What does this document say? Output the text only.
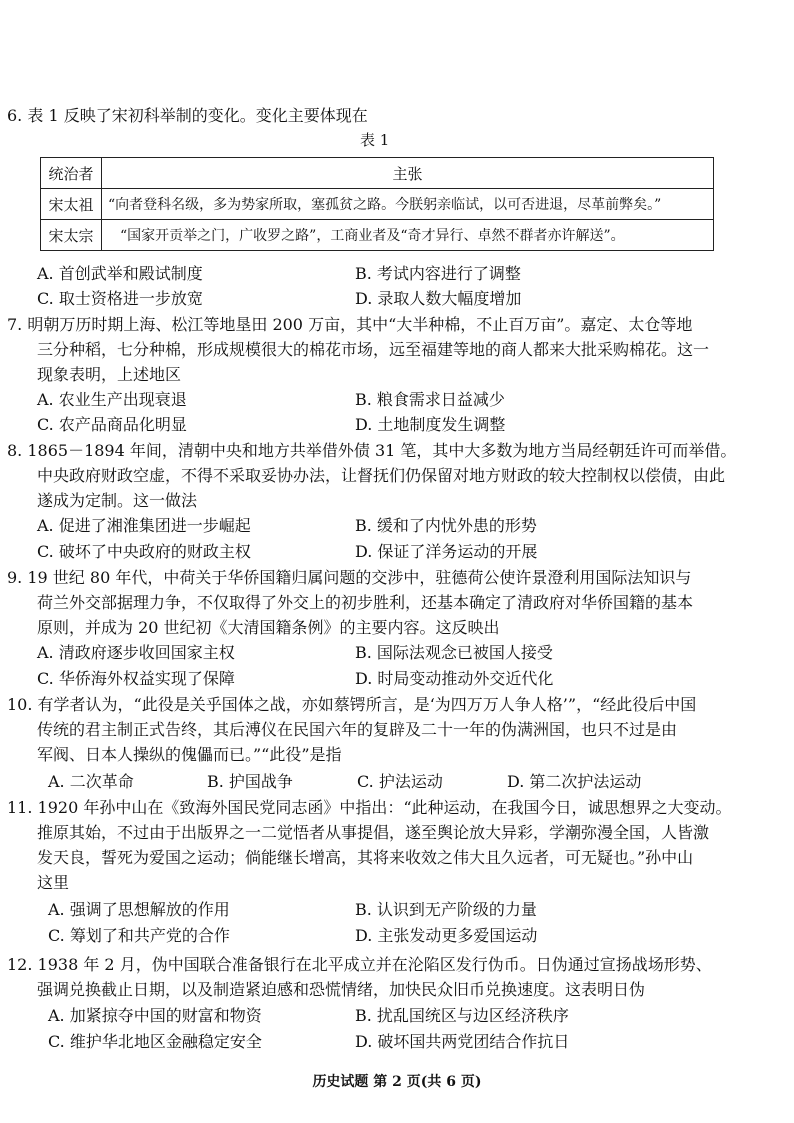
6. 表 1 反映了宋初科举制的变化。变化主要体现在
表 1
统治者	主张
宋太祖	“向者登科名级，多为势家所取，塞孤贫之路。今朕躬亲临试，以可否进退，尽革前弊矣。”
宋太宗	“国家开贡举之门，广收罗之路”，工商业者及“奇才异行、卓然不群者亦许解送”。
A. 首创武举和殿试制度	B. 考试内容进行了调整
C. 取士资格进一步放宽	D. 录取人数大幅度增加
7. 明朝万历时期上海、松江等地垦田 200 万亩，其中“大半种棉，不止百万亩”。嘉定、太仓等地
三分种稻，七分种棉，形成规模很大的棉花市场，远至福建等地的商人都来大批采购棉花。这一
现象表明，上述地区
A. 农业生产出现衰退	B. 粮食需求日益减少
C. 农产品商品化明显	D. 土地制度发生调整
8. 1865－1894 年间，清朝中央和地方共举借外债 31 笔，其中大多数为地方当局经朝廷许可而举借。
中央政府财政空虚，不得不采取妥协办法，让督抚们仍保留对地方财政的较大控制权以偿债，由此
遂成为定制。这一做法
A. 促进了湘淮集团进一步崛起	B. 缓和了内忧外患的形势
C. 破坏了中央政府的财政主权	D. 保证了洋务运动的开展
9. 19 世纪 80 年代，中荷关于华侨国籍归属问题的交涉中，驻德荷公使许景澄利用国际法知识与
荷兰外交部据理力争，不仅取得了外交上的初步胜利，还基本确定了清政府对华侨国籍的基本
原则，并成为 20 世纪初《大清国籍条例》的主要内容。这反映出
A. 清政府逐步收回国家主权	B. 国际法观念已被国人接受
C. 华侨海外权益实现了保障	D. 时局变动推动外交近代化
10. 有学者认为，“此役是关乎国体之战，亦如蔡锷所言，是‘为四万万人争人格’”，“经此役后中国
传统的君主制正式告终，其后溥仪在民国六年的复辟及二十一年的伪满洲国，也只不过是由
军阀、日本人操纵的傀儡而已。”“此役”是指
A. 二次革命	B. 护国战争	C. 护法运动	D. 第二次护法运动
11. 1920 年孙中山在《致海外国民党同志函》中指出：“此种运动，在我国今日，诚思想界之大变动。
推原其始，不过由于出版界之一二觉悟者从事提倡，遂至舆论放大异彩，学潮弥漫全国，人皆激
发天良，誓死为爱国之运动；倘能继长增高，其将来收效之伟大且久远者，可无疑也。”孙中山
这里
A. 强调了思想解放的作用	B. 认识到无产阶级的力量
C. 筹划了和共产党的合作	D. 主张发动更多爱国运动
12. 1938 年 2 月，伪中国联合准备银行在北平成立并在沦陷区发行伪币。日伪通过宣扬战场形势、
强调兑换截止日期，以及制造紧迫感和恐慌情绪，加快民众旧币兑换速度。这表明日伪
A. 加紧掠夺中国的财富和物资	B. 扰乱国统区与边区经济秩序
C. 维护华北地区金融稳定安全	D. 破坏国共两党团结合作抗日
历史试题 第 2 页(共 6 页)
